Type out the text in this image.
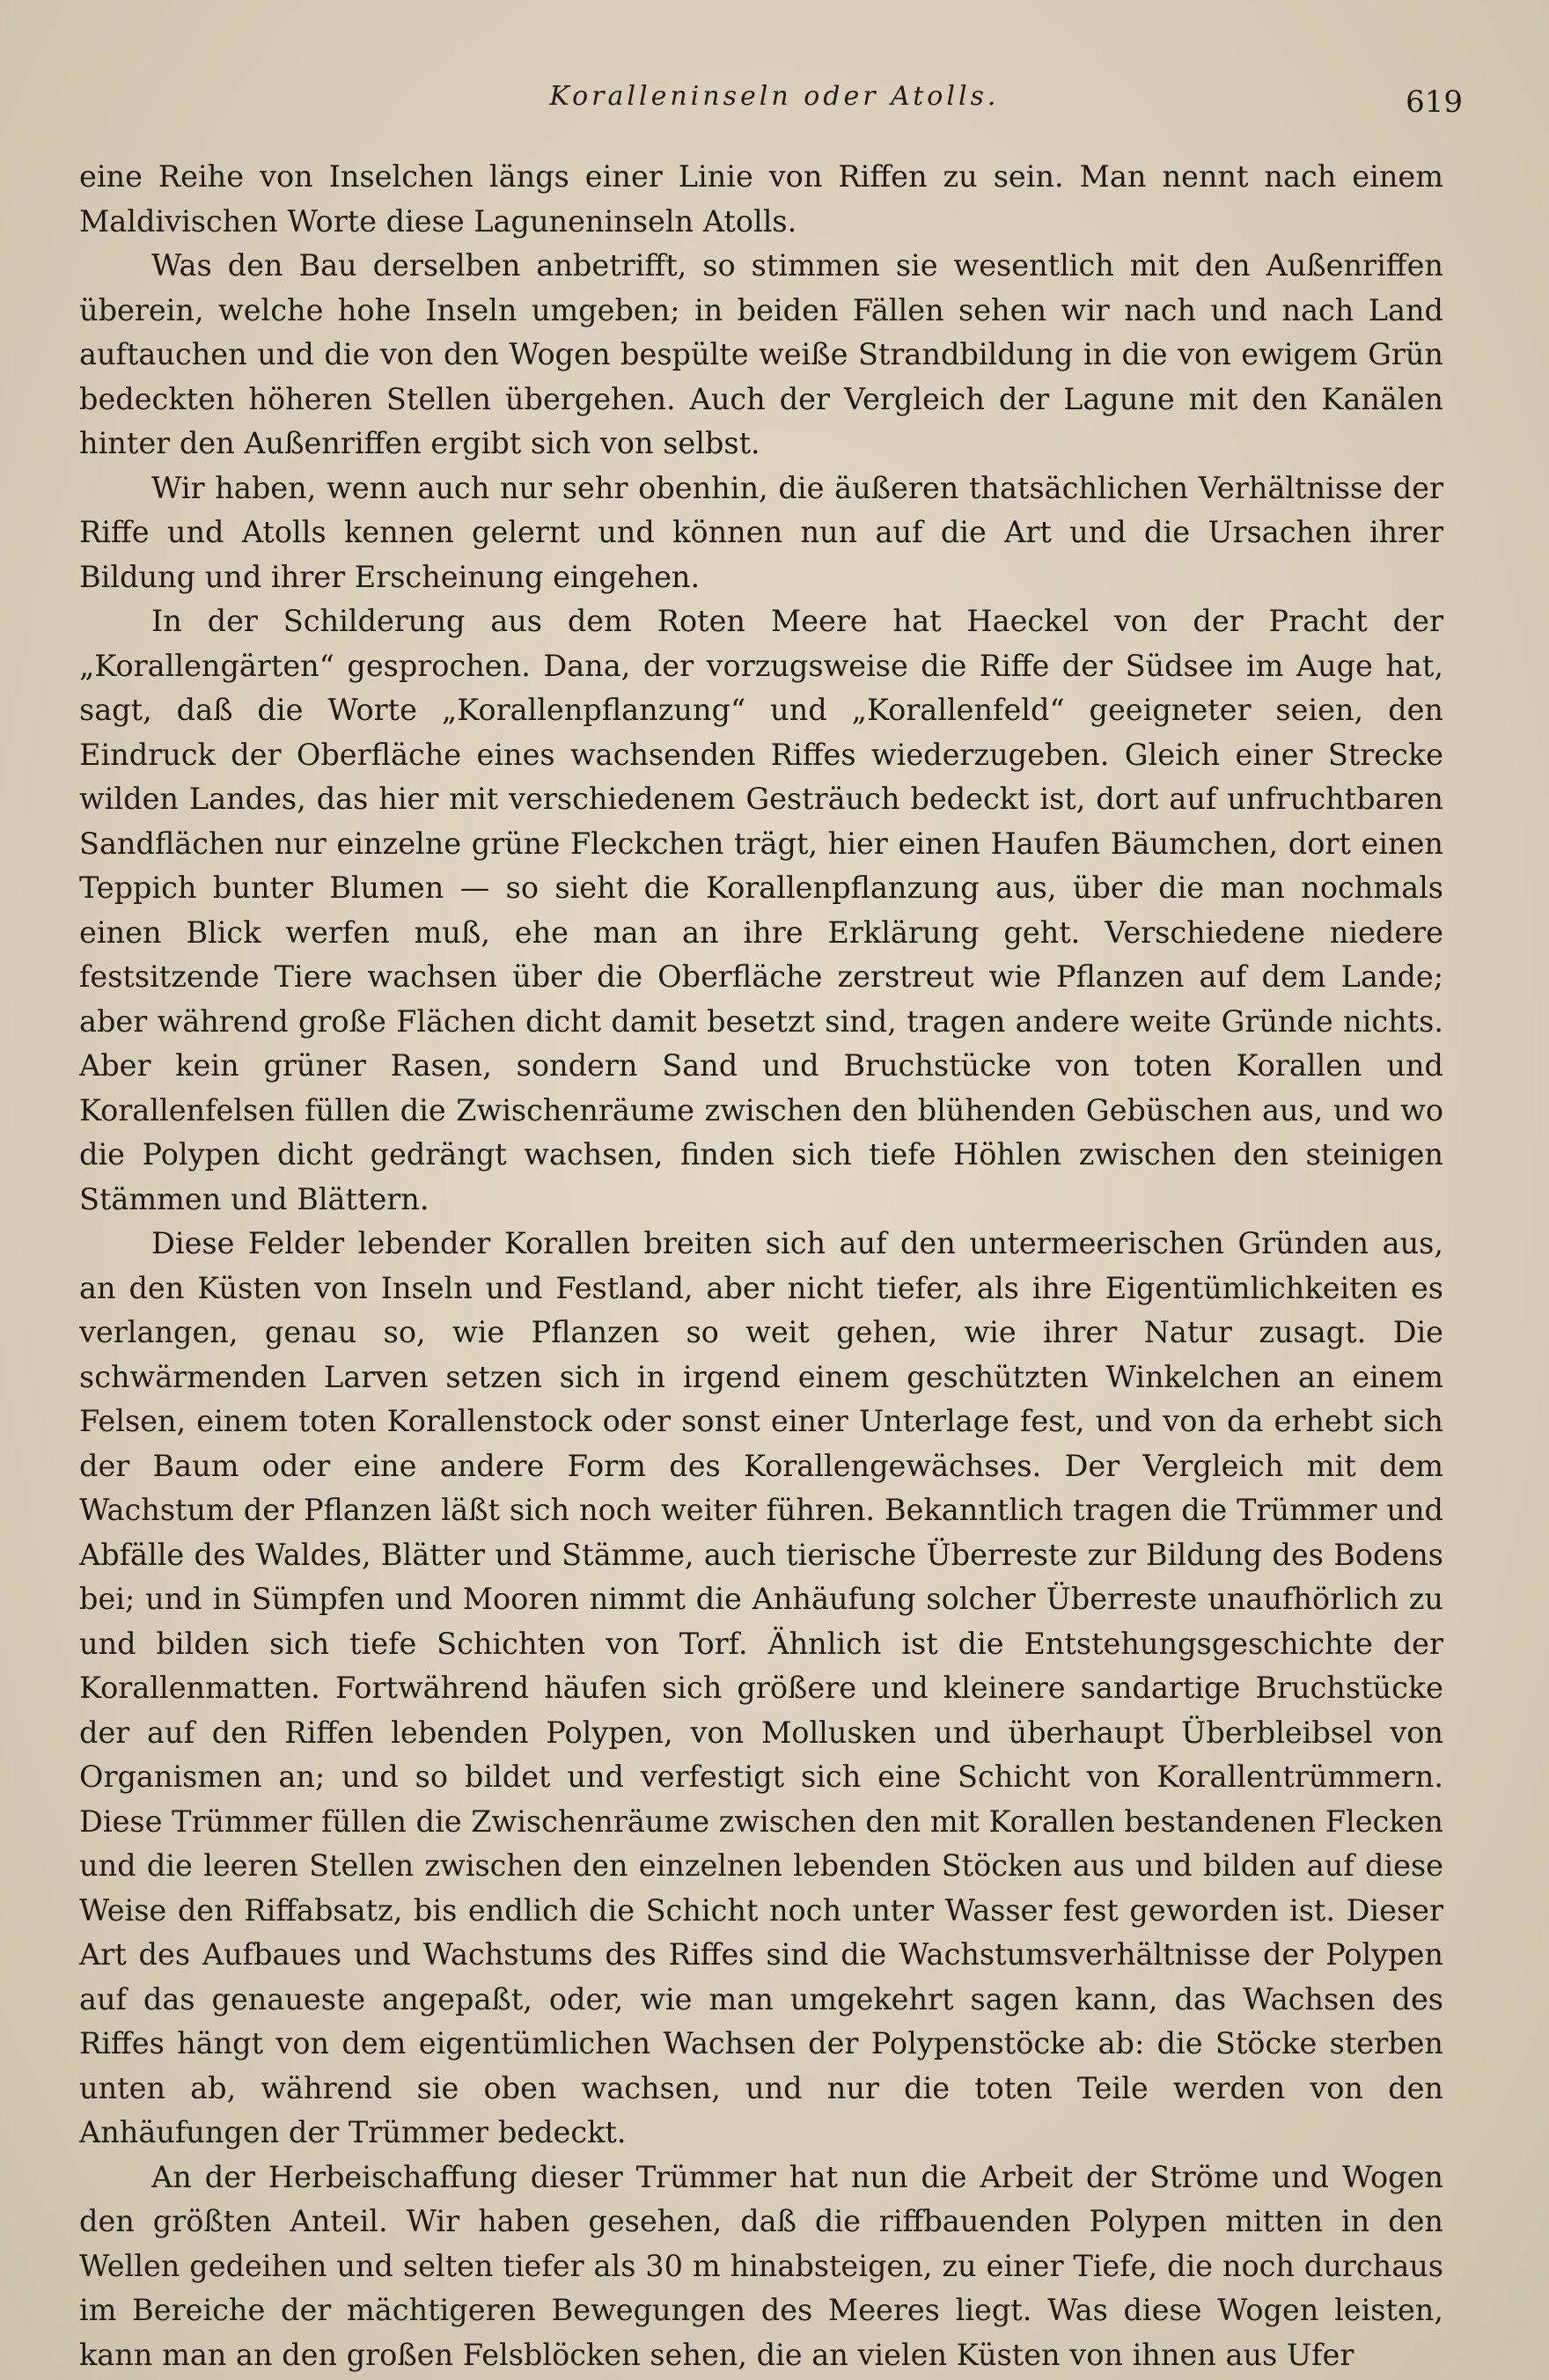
Koralleninseln oder Atolls.	619

eine Reihe von Inselchen längs einer Linie von Riffen zu sein. Man nennt nach einem Maldivischen Worte diese Laguneninseln Atolls.

Was den Bau derselben anbetrifft, so stimmen sie wesentlich mit den Außenriffen überein, welche hohe Inseln umgeben; in beiden Fällen sehen wir nach und nach Land auftauchen und die von den Wogen bespülte weiße Strandbildung in die von ewigem Grün bedeckten höheren Stellen übergehen. Auch der Vergleich der Lagune mit den Kanälen hinter den Außenriffen ergibt sich von selbst.

Wir haben, wenn auch nur sehr obenhin, die äußeren thatsächlichen Verhältnisse der Riffe und Atolls kennen gelernt und können nun auf die Art und die Ursachen ihrer Bildung und ihrer Erscheinung eingehen.

In der Schilderung aus dem Roten Meere hat Haeckel von der Pracht der „Korallengärten“ gesprochen. Dana, der vorzugsweise die Riffe der Südsee im Auge hat, sagt, daß die Worte „Korallenpflanzung“ und „Korallenfeld“ geeigneter seien, den Eindruck der Oberfläche eines wachsenden Riffes wiederzugeben. Gleich einer Strecke wilden Landes, das hier mit verschiedenem Gesträuch bedeckt ist, dort auf unfruchtbaren Sandflächen nur einzelne grüne Fleckchen trägt, hier einen Haufen Bäumchen, dort einen Teppich bunter Blumen — so sieht die Korallenpflanzung aus, über die man nochmals einen Blick werfen muß, ehe man an ihre Erklärung geht. Verschiedene niedere festsitzende Tiere wachsen über die Oberfläche zerstreut wie Pflanzen auf dem Lande; aber während große Flächen dicht damit besetzt sind, tragen andere weite Gründe nichts. Aber kein grüner Rasen, sondern Sand und Bruchstücke von toten Korallen und Korallenfelsen füllen die Zwischenräume zwischen den blühenden Gebüschen aus, und wo die Polypen dicht gedrängt wachsen, finden sich tiefe Höhlen zwischen den steinigen Stämmen und Blättern.

Diese Felder lebender Korallen breiten sich auf den untermeerischen Gründen aus, an den Küsten von Inseln und Festland, aber nicht tiefer, als ihre Eigentümlichkeiten es verlangen, genau so, wie Pflanzen so weit gehen, wie ihrer Natur zusagt. Die schwärmenden Larven setzen sich in irgend einem geschützten Winkelchen an einem Felsen, einem toten Korallenstock oder sonst einer Unterlage fest, und von da erhebt sich der Baum oder eine andere Form des Korallengewächses. Der Vergleich mit dem Wachstum der Pflanzen läßt sich noch weiter führen. Bekanntlich tragen die Trümmer und Abfälle des Waldes, Blätter und Stämme, auch tierische Überreste zur Bildung des Bodens bei; und in Sümpfen und Mooren nimmt die Anhäufung solcher Überreste unaufhörlich zu und bilden sich tiefe Schichten von Torf. Ähnlich ist die Entstehungsgeschichte der Korallenmatten. Fortwährend häufen sich größere und kleinere sandartige Bruchstücke der auf den Riffen lebenden Polypen, von Mollusken und überhaupt Überbleibsel von Organismen an; und so bildet und verfestigt sich eine Schicht von Korallentrümmern. Diese Trümmer füllen die Zwischenräume zwischen den mit Korallen bestandenen Flecken und die leeren Stellen zwischen den einzelnen lebenden Stöcken aus und bilden auf diese Weise den Riffabsatz, bis endlich die Schicht noch unter Wasser fest geworden ist. Dieser Art des Aufbaues und Wachstums des Riffes sind die Wachstumsverhältnisse der Polypen auf das genaueste angepaßt, oder, wie man umgekehrt sagen kann, das Wachsen des Riffes hängt von dem eigentümlichen Wachsen der Polypenstöcke ab: die Stöcke sterben unten ab, während sie oben wachsen, und nur die toten Teile werden von den Anhäufungen der Trümmer bedeckt.

An der Herbeischaffung dieser Trümmer hat nun die Arbeit der Ströme und Wogen den größten Anteil. Wir haben gesehen, daß die riffbauenden Polypen mitten in den Wellen gedeihen und selten tiefer als 30 m hinabsteigen, zu einer Tiefe, die noch durchaus im Bereiche der mächtigeren Bewegungen des Meeres liegt. Was diese Wogen leisten, kann man an den großen Felsblöcken sehen, die an vielen Küsten von ihnen aus Ufer
